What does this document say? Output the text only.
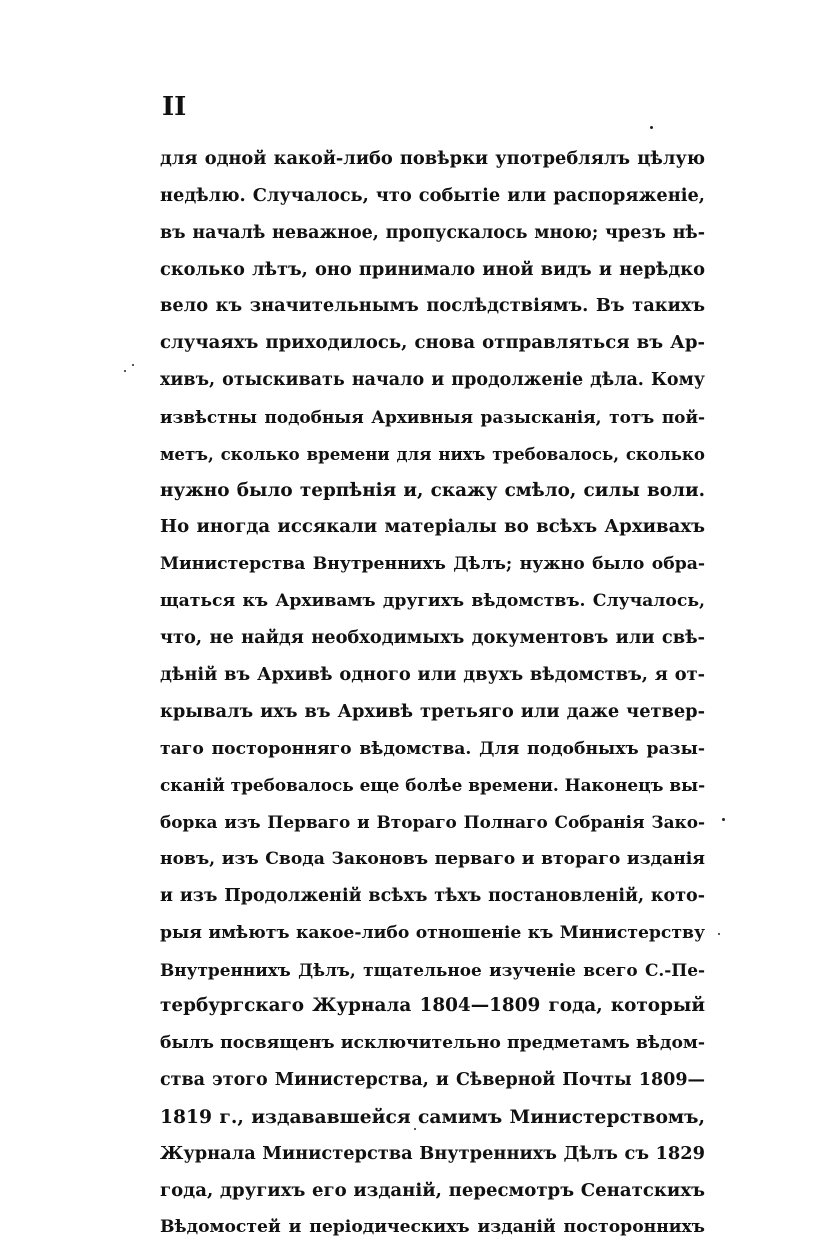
II
для одной какой-либо повѣрки употреблялъ цѣлую
недѣлю. Случалось, что событіе или распоряженіе,
въ началѣ неважное, пропускалось мною; чрезъ нѣ-
сколько лѣтъ, оно принимало иной видъ и нерѣдко
вело къ значительнымъ послѣдствіямъ. Въ такихъ
случаяхъ приходилось, снова отправляться въ Ар-
хивъ, отыскивать начало и продолженіе дѣла. Кому
извѣстны подобныя Архивныя разысканія, тотъ пой-
метъ, сколько времени для нихъ требовалось, сколько
нужно было терпѣнія и, скажу смѣло, силы воли.
Но иногда иссякали матеріалы во всѣхъ Архивахъ
Министерства Внутреннихъ Дѣлъ; нужно было обра-
щаться къ Архивамъ другихъ вѣдомствъ. Случалось,
что, не найдя необходимыхъ документовъ или свѣ-
дѣній въ Архивѣ одного или двухъ вѣдомствъ, я от-
крывалъ ихъ въ Архивѣ третьяго или даже четвер-
таго посторонняго вѣдомства. Для подобныхъ разы-
сканій требовалось еще болѣе времени. Наконецъ вы-
борка изъ Перваго и Втораго Полнаго Собранія Зако-
новъ, изъ Свода Законовъ перваго и втораго изданія
и изъ Продолженій всѣхъ тѣхъ постановленій, кото-
рыя имѣютъ какое-либо отношеніе къ Министерству
Внутреннихъ Дѣлъ, тщательное изученіе всего С.-Пе-
тербургскаго Журнала 1804—1809 года, который
былъ посвященъ исключительно предметамъ вѣдом-
ства этого Министерства, и Сѣверной Почты 1809—
1819 г., издававшейся самимъ Министерствомъ,
Журнала Министерства Внутреннихъ Дѣлъ съ 1829
года, другихъ его изданій, пересмотръ Сенатскихъ
Вѣдомостей и періодическихъ изданій постороннихъ
